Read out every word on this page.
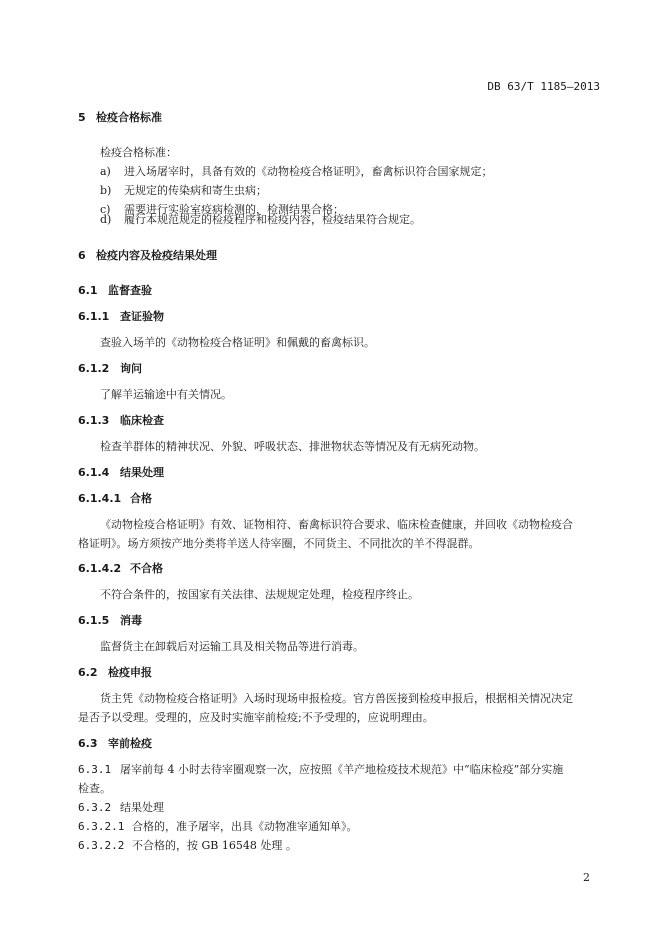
DB 63/T 1185—2013
5 检疫合格标准
检疫合格标准：
a) 进入场屠宰时，具备有效的《动物检疫合格证明》，畜禽标识符合国家规定；
b) 无规定的传染病和寄生虫病；
c) 需要进行实验室疫病检测的，检测结果合格；
d) 履行本规范规定的检疫程序和检疫内容，检疫结果符合规定。
6 检疫内容及检疫结果处理
6.1 监督查验
6.1.1 查证验物
查验入场羊的《动物检疫合格证明》和佩戴的畜禽标识。
6.1.2 询问
了解羊运输途中有关情况。
6.1.3 临床检查
检查羊群体的精神状况、外貌、呼吸状态、排泄物状态等情况及有无病死动物。
6.1.4 结果处理
6.1.4.1 合格
《动物检疫合格证明》有效、证物相符、畜禽标识符合要求、临床检查健康，并回收《动物检疫合
格证明》。场方须按产地分类将羊送人待宰圈，不同货主、不同批次的羊不得混群。
6.1.4.2 不合格
不符合条件的，按国家有关法律、法规规定处理，检疫程序终止。
6.1.5 消毒
监督货主在卸载后对运输工具及相关物品等进行消毒。
6.2 检疫申报
货主凭《动物检疫合格证明》入场时现场申报检疫。官方兽医接到检疫申报后，根据相关情况决定
是否予以受理。受理的，应及时实施宰前检疫;不予受理的，应说明理由。
6.3 宰前检疫
6.3.1 屠宰前每 4 小时去待宰圈观察一次，应按照《羊产地检疫技术规范》中“临床检疫”部分实施
检查。
6.3.2 结果处理
6.3.2.1 合格的，准予屠宰，出具《动物准宰通知单》。
6.3.2.2 不合格的，按 GB 16548 处理 。
2
